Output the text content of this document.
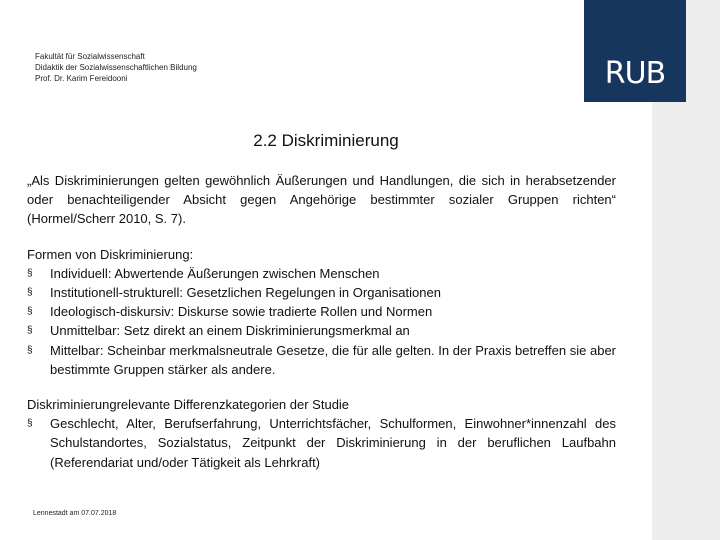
RUB
Fakultät für Sozialwissenschaft
Didaktik der Sozialwissenschaftlichen Bildung
Prof. Dr. Karim Fereidooni
2.2 Diskriminierung
„Als Diskriminierungen gelten gewöhnlich Äußerungen und Handlungen, die sich in herabsetzender oder benachteiligender Absicht gegen Angehörige bestimmter sozialer Gruppen richten“ (Hormel/Scherr 2010, S. 7).
Formen von Diskriminierung:
§	Individuell: Abwertende Äußerungen zwischen Menschen
§	Institutionell-strukturell: Gesetzlichen Regelungen in Organisationen
§	Ideologisch-diskursiv: Diskurse sowie tradierte Rollen und Normen
§	Unmittelbar: Setz direkt an einem Diskriminierungsmerkmal an
§	Mittelbar: Scheinbar merkmalsneutrale Gesetze, die für alle gelten. In der Praxis betreffen sie aber bestimmte Gruppen stärker als andere.
Diskriminierungrelevante Differenzkategorien der Studie
§	Geschlecht, Alter, Berufserfahrung, Unterrichtsfächer, Schulformen, Einwohner*innenzahl des Schulstandortes, Sozialstatus, Zeitpunkt der Diskriminierung in der beruflichen Laufbahn (Referendariat und/oder Tätigkeit als Lehrkraft)
Lennestadt am 07.07.2018
